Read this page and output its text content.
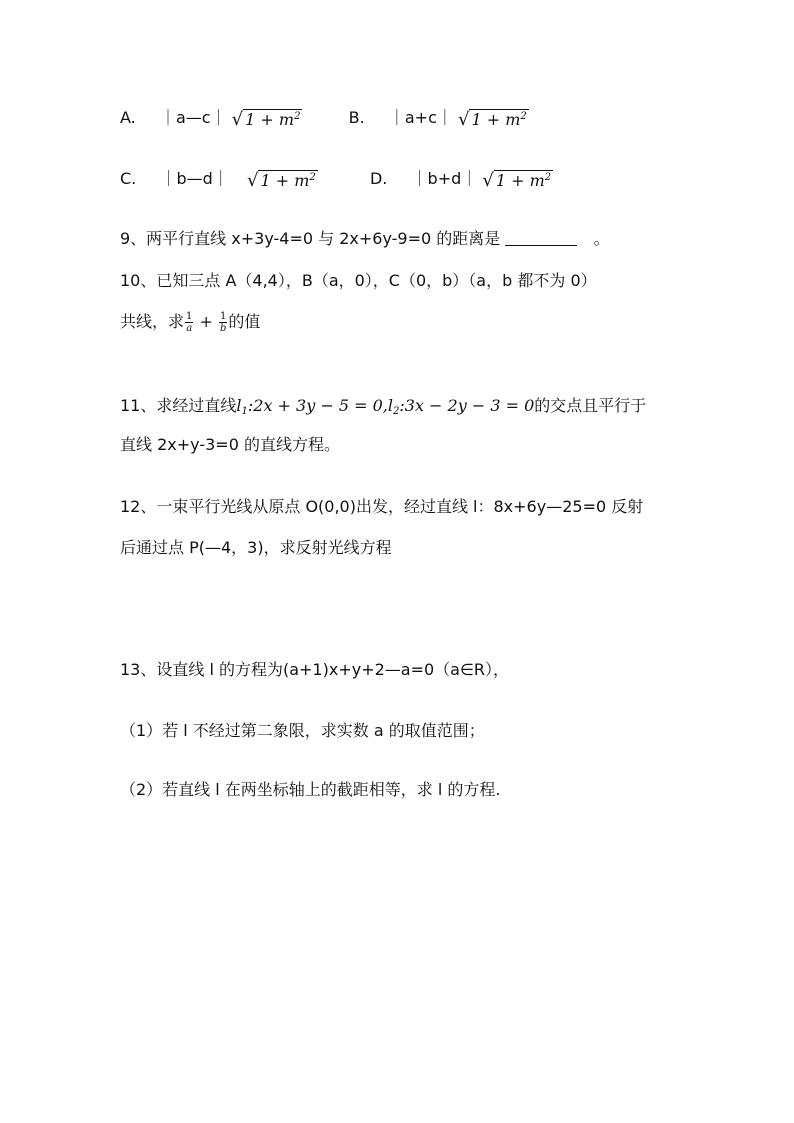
A. ｜a—c｜ √ $1 + m^2$	B. ｜a+c｜ √ $1 + m^2$
C. ｜b—d｜ √ $1 + m^2$	D. ｜b+d｜ √ $1 + m^2$
9、两平行直线 x+3y-4=0 与 2x+6y-9=0 的距离是	。
10、已知三点 A（4,4），B（a，0），C（0，b）（a，b 都不为 0）
共线，求 $\frac{1}{a} + \frac{1}{b}$ 的值
11、求经过直线$l_1:2x + 3y - 5$ = $0,l_2:3x - 2y - 3 = 0$的交点且平行于
直线 2x+y-3=0 的直线方程。
12、一束平行光线从原点 O(0,0)出发，经过直线 l：8x+6y—25=0 反射
后通过点 P(—4，3)，求反射光线方程
13、设直线 l 的方程为(a+1)x+y+2—a=0（a∈R），
（1）若 l 不经过第二象限，求实数 a 的取值范围；
（2）若直线 l 在两坐标轴上的截距相等，求 l 的方程.
